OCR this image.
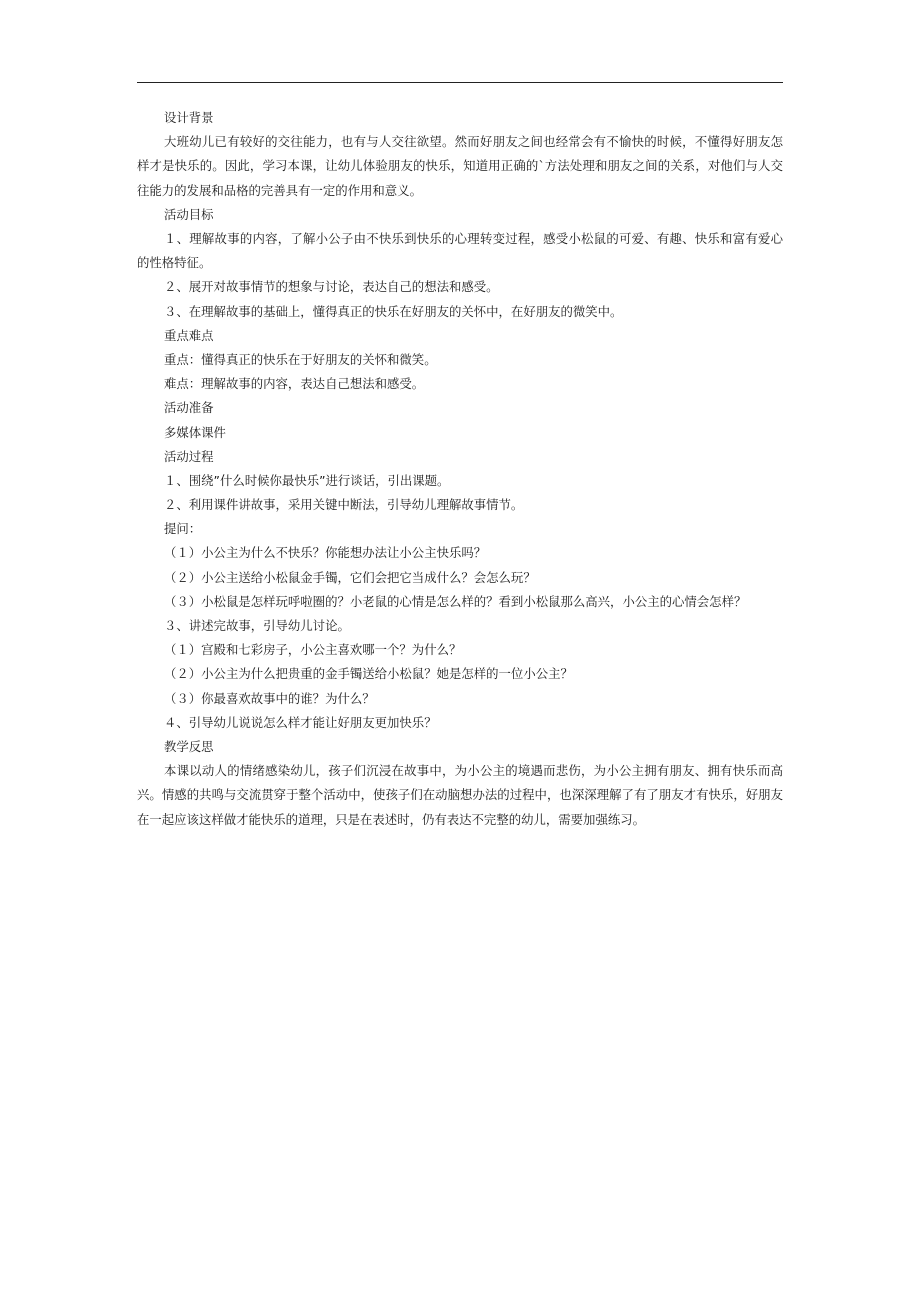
设计背景
大班幼儿已有较好的交往能力，也有与人交往欲望。然而好朋友之间也经常会有不愉快的时候，不懂得好朋友怎样才是快乐的。因此，学习本课，让幼儿体验朋友的快乐，知道用正确的`方法处理和朋友之间的关系，对他们与人交往能力的发展和品格的完善具有一定的作用和意义。
活动目标
１、理解故事的内容，了解小公子由不快乐到快乐的心理转变过程，感受小松鼠的可爱、有趣、快乐和富有爱心的性格特征。
２、展开对故事情节的想象与讨论，表达自己的想法和感受。
３、在理解故事的基础上，懂得真正的快乐在好朋友的关怀中，在好朋友的微笑中。
重点难点
重点：懂得真正的快乐在于好朋友的关怀和微笑。
难点：理解故事的内容，表达自己想法和感受。
活动准备
多媒体课件
活动过程
１、围绕”什么时候你最快乐”进行谈话，引出课题。
２、利用课件讲故事，采用关键中断法，引导幼儿理解故事情节。
提问：
（１）小公主为什么不快乐？你能想办法让小公主快乐吗？
（２）小公主送给小松鼠金手镯，它们会把它当成什么？会怎么玩？
（３）小松鼠是怎样玩呼啦圈的？小老鼠的心情是怎么样的？看到小松鼠那么高兴，小公主的心情会怎样？
３、讲述完故事，引导幼儿讨论。
（１）宫殿和七彩房子，小公主喜欢哪一个？为什么？
（２）小公主为什么把贵重的金手镯送给小松鼠？她是怎样的一位小公主？
（３）你最喜欢故事中的谁？为什么？
４、引导幼儿说说怎么样才能让好朋友更加快乐？
教学反思
本课以动人的情绪感染幼儿，孩子们沉浸在故事中，为小公主的境遇而悲伤，为小公主拥有朋友、拥有快乐而高兴。情感的共鸣与交流贯穿于整个活动中，使孩子们在动脑想办法的过程中，也深深理解了有了朋友才有快乐，好朋友在一起应该这样做才能快乐的道理，只是在表述时，仍有表达不完整的幼儿，需要加强练习。
